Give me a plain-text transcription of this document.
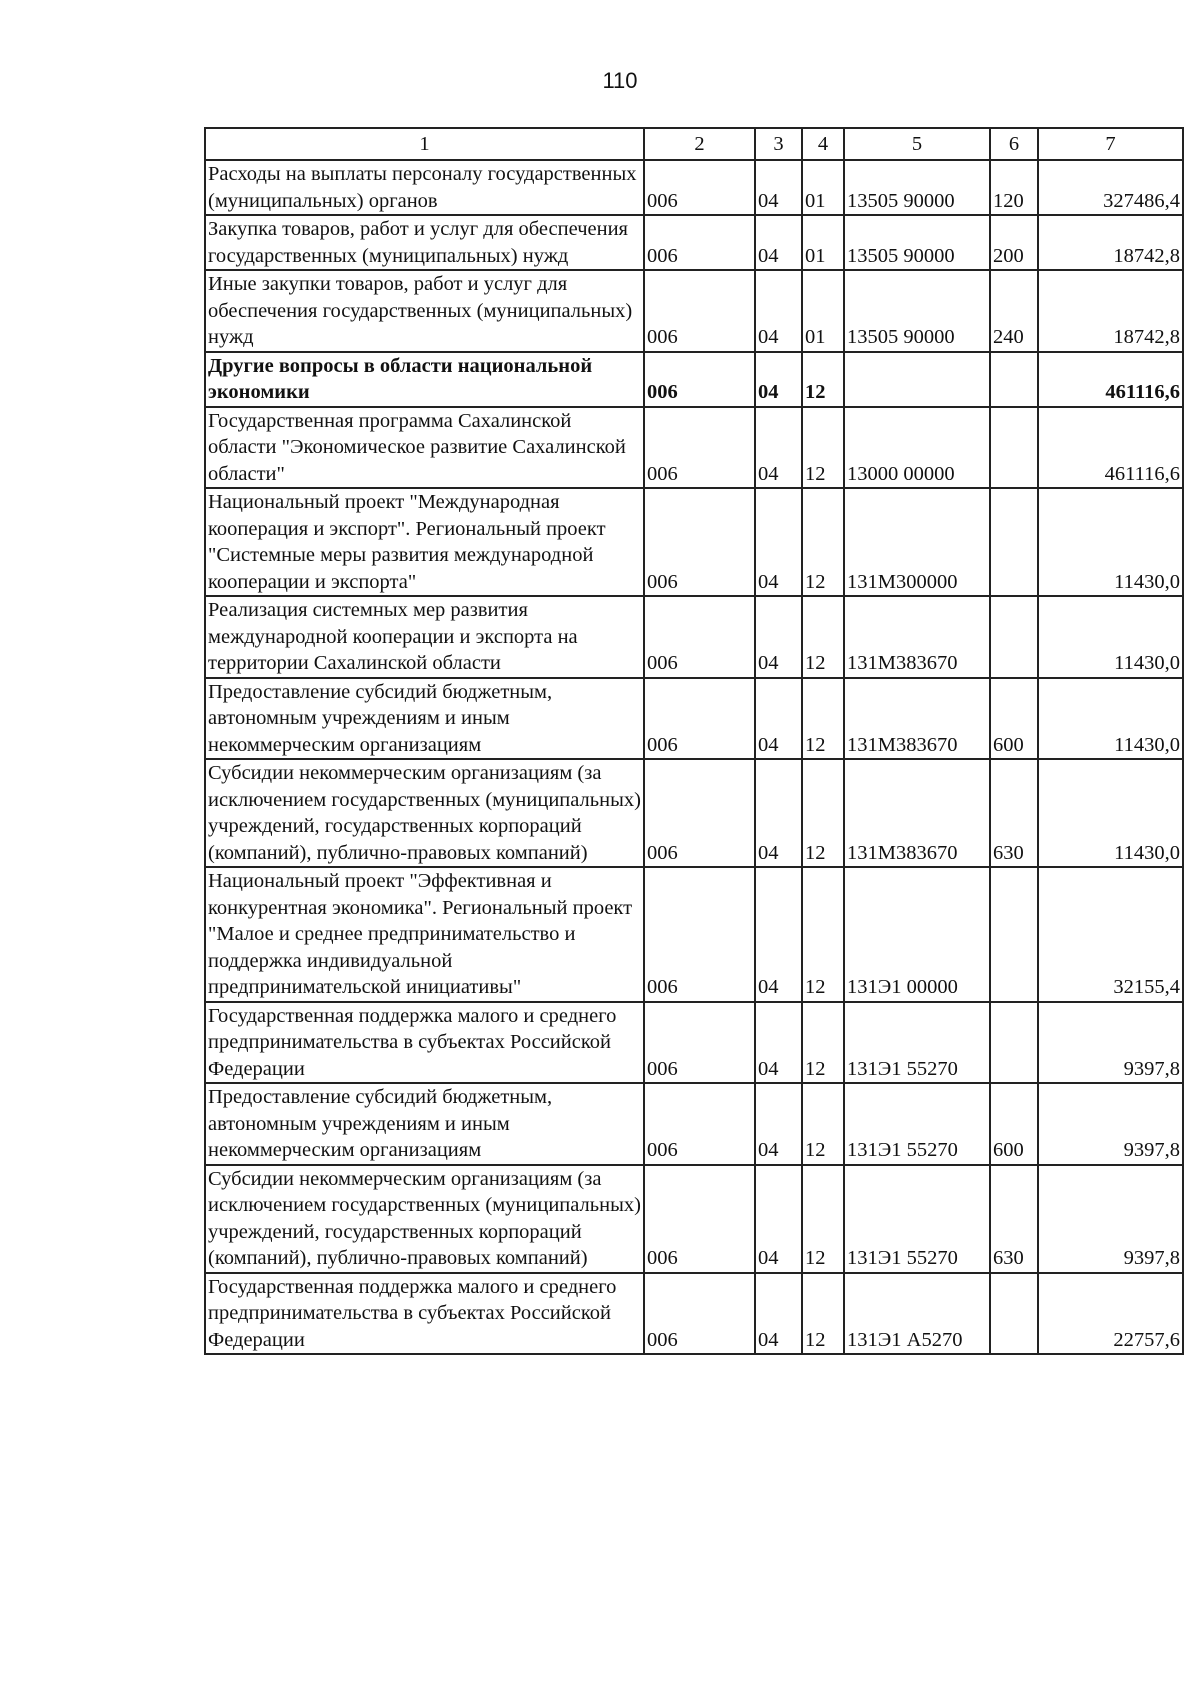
110
1	2	3	4	5	6	7
Расходы на выплаты персоналу государственных (муниципальных) органов	006	04	01	13505 90000	120	327486,4
Закупка товаров, работ и услуг для обеспечения государственных (муниципальных) нужд	006	04	01	13505 90000	200	18742,8
Иные закупки товаров, работ и услуг для обеспечения государственных (муниципальных) нужд	006	04	01	13505 90000	240	18742,8
Другие вопросы в области национальной экономики	006	04	12			461116,6
Государственная программа Сахалинской области "Экономическое развитие Сахалинской области"	006	04	12	13000 00000		461116,6
Национальный проект "Международная кооперация и экспорт". Региональный проект "Системные меры развития международной кооперации и экспорта"	006	04	12	131М300000		11430,0
Реализация системных мер развития международной кооперации и экспорта на территории Сахалинской области	006	04	12	131М383670		11430,0
Предоставление субсидий бюджетным, автономным учреждениям и иным некоммерческим организациям	006	04	12	131М383670	600	11430,0
Субсидии некоммерческим организациям (за исключением государственных (муниципальных) учреждений, государственных корпораций (компаний), публично-правовых компаний)	006	04	12	131М383670	630	11430,0
Национальный проект "Эффективная и конкурентная экономика". Региональный проект "Малое и среднее предпринимательство и поддержка индивидуальной предпринимательской инициативы"	006	04	12	131Э1 00000		32155,4
Государственная поддержка малого и среднего предпринимательства в субъектах Российской Федерации	006	04	12	131Э1 55270		9397,8
Предоставление субсидий бюджетным, автономным учреждениям и иным некоммерческим организациям	006	04	12	131Э1 55270	600	9397,8
Субсидии некоммерческим организациям (за исключением государственных (муниципальных) учреждений, государственных корпораций (компаний), публично-правовых компаний)	006	04	12	131Э1 55270	630	9397,8
Государственная поддержка малого и среднего предпринимательства в субъектах Российской Федерации	006	04	12	131Э1 А5270		22757,6
